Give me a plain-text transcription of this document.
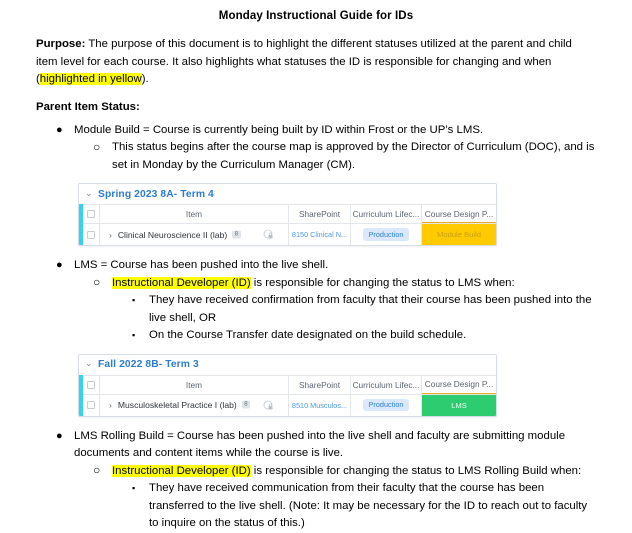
Monday Instructional Guide for IDs

Purpose: The purpose of this document is to highlight the different statuses utilized at the parent and child item level for each course. It also highlights what statuses the ID is responsible for changing and when (highlighted in yellow).

Parent Item Status:
● Module Build = Course is currently being built by ID within Frost or the UP’s LMS.
○ This status begins after the course map is approved by the Director of Curriculum (DOC), and is set in Monday by the Curriculum Manager (CM).
⌄ Spring 2023 8A- Term 4
Item	SharePoint	Curriculum Lifec... Course Design P...
› Clinical Neuroscience II (lab)	8	8150 Clinical N...	Production	Module Build
● LMS = Course has been pushed into the live shell.
○ Instructional Developer (ID) is responsible for changing the status to LMS when:
▪ They have received confirmation from faculty that their course has been pushed into the live shell, OR
▪ On the Course Transfer date designated on the build schedule.
⌄ Fall 2022 8B- Term 3
Item	SharePoint	Curriculum Lifec... Course Design P...
› Musculoskeletal Practice I (lab)	8	8510 Musculos...	Production	LMS
● LMS Rolling Build = Course has been pushed into the live shell and faculty are submitting module documents and content items while the course is live.
○ Instructional Developer (ID) is responsible for changing the status to LMS Rolling Build when:
▪ They have received communication from their faculty that the course has been transferred to the live shell. (Note: It may be necessary for the ID to reach out to faculty to inquire on the status of this.)
